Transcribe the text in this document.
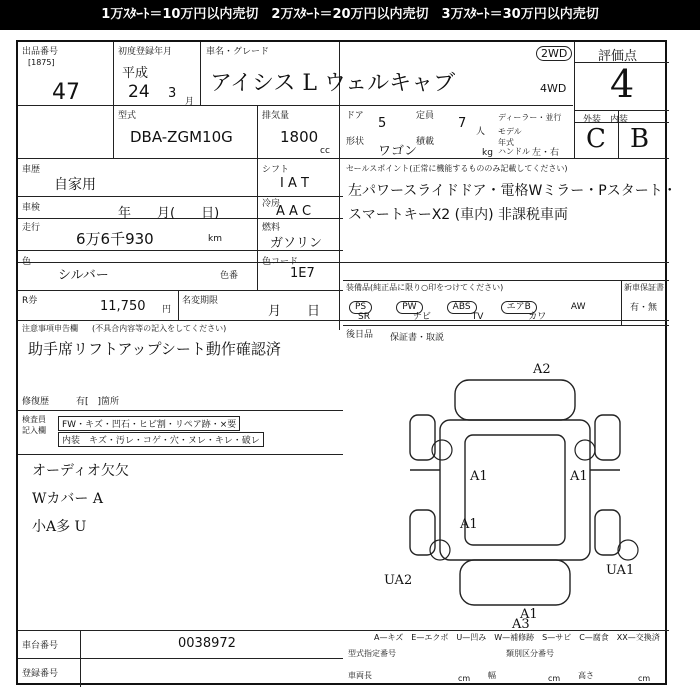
1万ｽﾀｰﾄ＝10万円以内売切　2万ｽﾀｰﾄ＝20万円以内売切　3万ｽﾀｰﾄ＝30万円以内売切
出品番号
[1875]
47
初度登録年月
平成
24 3
月
車名・グレード
アイシス L ウェルキャブ
2WD
4WD
評価点
4
外装　内装
C B
型式
DBA-ZGM10G
排気量
1800
cc
ドア 5	定員 7
人
形状
ワゴン
積載
kg
ディーラー・並行
モデル
年式
ハンドル 左・右
車歴
自家用
シフト
I A T
車検	年　　月(　　日)
冷房
A A C
走行
6万6千930	km
燃料
ガソリン
色
シルバー	色番
色コード
1E7
R券	11,750 円
名変期限
月　　日
セールスポイント(正常に機能するもののみ記載してください)
左パワースライドドア・電格Wミラー・Pスタート・
スマートキーX2 (車内) 非課税車両
装備品(純正品に限り○印をつけてください)
PS	PW	ABS	エアB	AW
SR	ナビ	TV	カワ
新車保証書
有・無
注意事項申告欄 (不具合内容等の記入をしてください)
助手席リフトアップシート動作確認済
修復歴	有[　]箇所
後日品 保証書・取説
検査員
記入欄
FW・キズ・凹石・ヒビ割・リペア跡・×要
内装　キズ・汚レ・コゲ・穴・ヌレ・キレ・破レ
オーディオ欠欠
Wカバー A
小A多 U
A2
A1	A1
A1
A1
UA2
UA1
A3
A—キズ　E—エクボ　U—凹み　W—補修跡　S—サビ　C—腐食　XX—交換済
車台番号	0038972
登録番号
型式指定番号	類別区分番号
車両長	cm 幅	cm 高さ	cm
